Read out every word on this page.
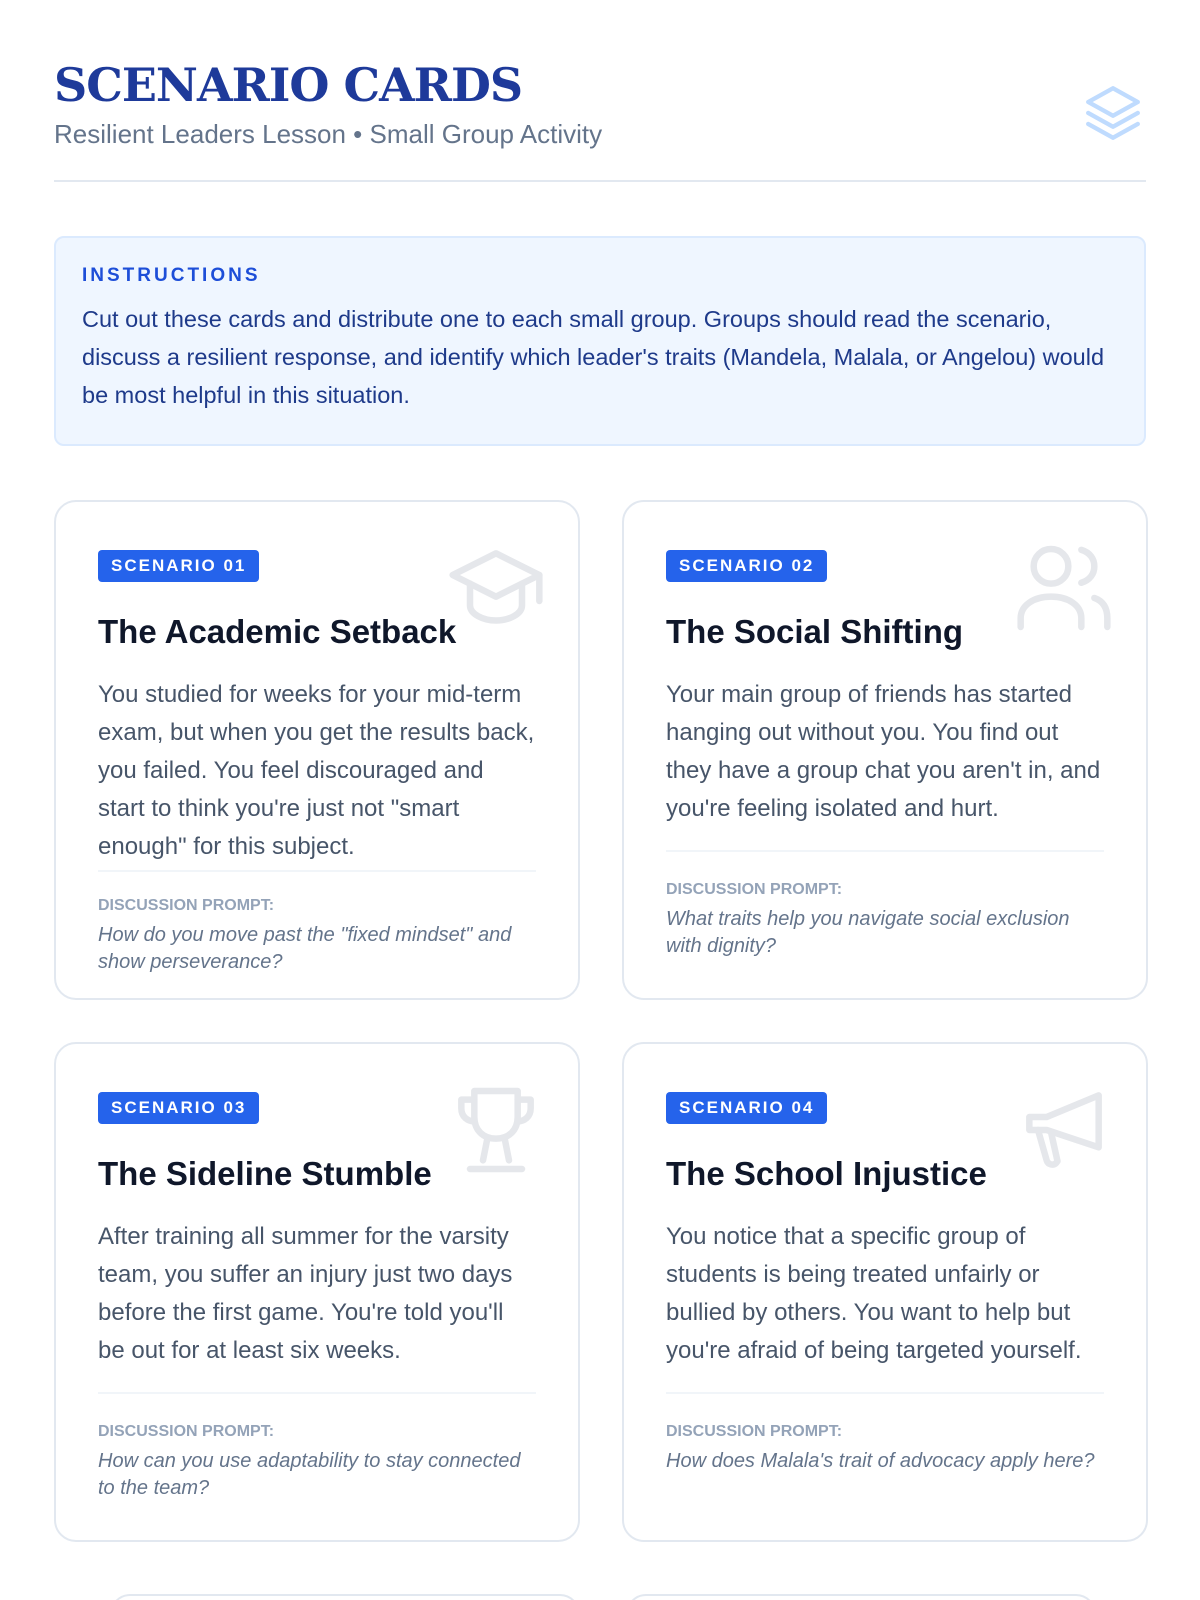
SCENARIO CARDS
Resilient Leaders Lesson • Small Group Activity
INSTRUCTIONS
Cut out these cards and distribute one to each small group. Groups should read the scenario, discuss a resilient response, and identify which leader's traits (Mandela, Malala, or Angelou) would be most helpful in this situation.
SCENARIO 01
The Academic Setback
You studied for weeks for your mid-term exam, but when you get the results back, you failed. You feel discouraged and start to think you're just not "smart enough" for this subject.
DISCUSSION PROMPT:
How do you move past the "fixed mindset" and show perseverance?
SCENARIO 02
The Social Shifting
Your main group of friends has started hanging out without you. You find out they have a group chat you aren't in, and you're feeling isolated and hurt.
DISCUSSION PROMPT:
What traits help you navigate social exclusion with dignity?
SCENARIO 03
The Sideline Stumble
After training all summer for the varsity team, you suffer an injury just two days before the first game. You're told you'll be out for at least six weeks.
DISCUSSION PROMPT:
How can you use adaptability to stay connected to the team?
SCENARIO 04
The School Injustice
You notice that a specific group of students is being treated unfairly or bullied by others. You want to help but you're afraid of being targeted yourself.
DISCUSSION PROMPT:
How does Malala's trait of advocacy apply here?
